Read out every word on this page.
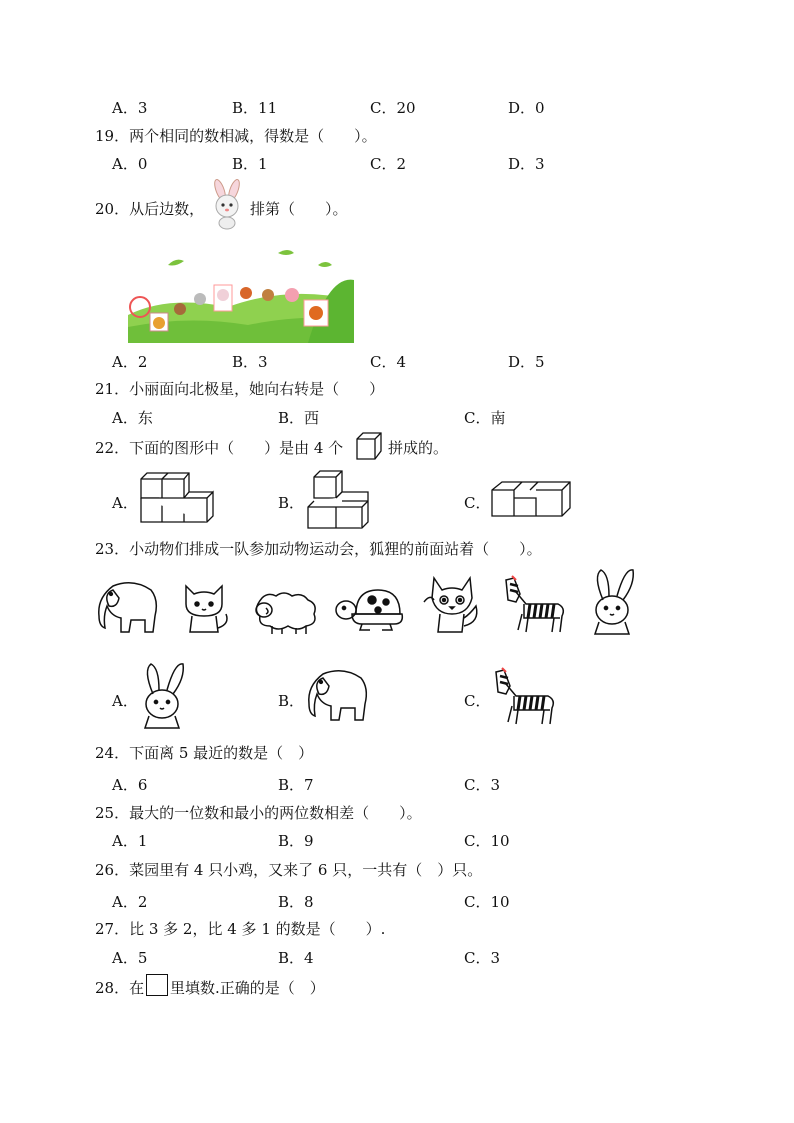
A．3	B．11	C．20	D．0
19．两个相同的数相减，得数是（　　）。
A．0	B．1	C．2	D．3
20．从后边数，	排第（　　）。
A．2	B．3	C．4	D．5
21．小丽面向北极星，她向右转是（　　）
A．东	B．西	C．南
22．下面的图形中（　　）是由 4 个	拼成的。
A．	B．	C．
23．小动物们排成一队参加动物运动会，狐狸的前面站着（　　）。
A．	B．	C．
24．下面离 5 最近的数是（　）
A．6	B．7	C．3
25．最大的一位数和最小的两位数相差（　　）。
A．1	B．9	C．10
26．菜园里有 4 只小鸡，又来了 6 只，一共有（　）只。
A．2	B．8	C．10
27．比 3 多 2，比 4 多 1 的数是（　　）.
A．5	B．4	C．3
28．在 里填数.正确的是（　）
